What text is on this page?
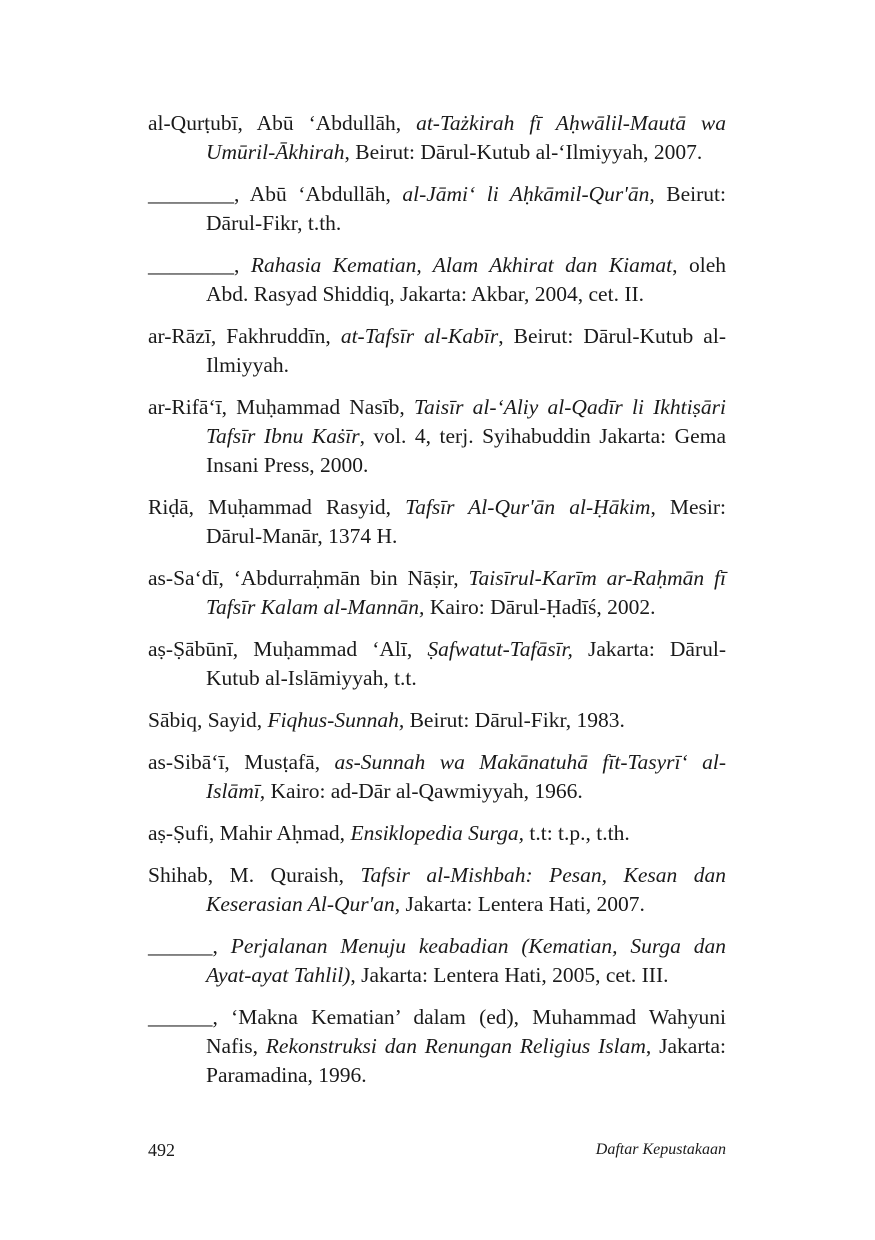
al-Qurṭubī, Abū ‘Abdullāh, at-Tażkirah fī Aḥwālil-Mautā wa Umūril-Ākhirah, Beirut: Dārul-Kutub al-‘Ilmiyyah, 2007.
________, Abū ‘Abdullāh, al-Jāmi‘ li Aḥkāmil-Qur'ān, Beirut: Dārul-Fikr, t.th.
________, Rahasia Kematian, Alam Akhirat dan Kiamat, oleh Abd. Rasyad Shiddiq, Jakarta: Akbar, 2004, cet. II.
ar-Rāzī, Fakhruddīn, at-Tafsīr al-Kabīr, Beirut: Dārul-Kutub al-Ilmiyyah.
ar-Rifā‘ī, Muḥammad Nasīb, Taisīr al-‘Aliy al-Qadīr li Ikhtiṣāri Tafsīr Ibnu Kaṡīr, vol. 4, terj. Syihabuddin Jakarta: Gema Insani Press, 2000.
Riḍā, Muḥammad Rasyid, Tafsīr Al-Qur'ān al-Ḥākim, Mesir: Dārul-Manār, 1374 H.
as-Sa‘dī, ‘Abdurraḥmān bin Nāṣir, Taisīrul-Karīm ar-Raḥmān fī Tafsīr Kalam al-Mannān, Kairo: Dārul-Ḥadīś, 2002.
aṣ-Ṣābūnī, Muḥammad ‘Alī, Ṣafwatut-Tafāsīr, Jakarta: Dārul-Kutub al-Islāmiyyah, t.t.
Sābiq, Sayid, Fiqhus-Sunnah, Beirut: Dārul-Fikr, 1983.
as-Sibā‘ī, Musṭafā, as-Sunnah wa Makānatuhā fīt-Tasyrī‘ al-Islāmī, Kairo: ad-Dār al-Qawmiyyah, 1966.
aṣ-Ṣufi, Mahir Aḥmad, Ensiklopedia Surga, t.t: t.p., t.th.
Shihab, M. Quraish, Tafsir al-Mishbah: Pesan, Kesan dan Keserasian Al-Qur'an, Jakarta: Lentera Hati, 2007.
______, Perjalanan Menuju keabadian (Kematian, Surga dan Ayat-ayat Tahlil), Jakarta: Lentera Hati, 2005, cet. III.
______, ‘Makna Kematian’ dalam (ed), Muhammad Wahyuni Nafis, Rekonstruksi dan Renungan Religius Islam, Jakarta: Paramadina, 1996.
492	Daftar Kepustakaan
